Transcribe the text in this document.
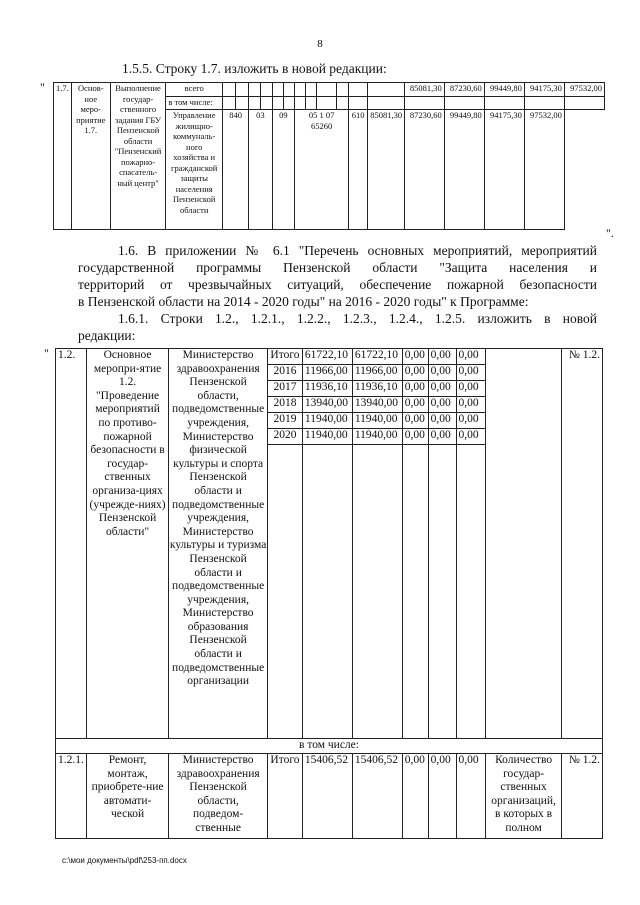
8
1.5.5. Строку 1.7. изложить в новой редакции:
" 1.7.	Основ-ное меро-приятие 1.7.	Выполнение государ-ственного задания ГБУ Пензенской области "Пензенский пожарно-спасатель-ный центр"	всего													85081,30	87230,60	99449,80	94175,30	97532,00
			в том числе:																	
			Управление жилищно-коммуналь-ного хозяйства и гражданской защиты населения Пензенской области	840		03		09		05 1 07 65260				610	85081,30	87230,60	99449,80	94175,30	97532,00	
".
1.6. В приложении № 6.1 "Перечень основных мероприятий, мероприятий
государственной программы Пензенской области "Защита населения и
территорий от чрезвычайных ситуаций, обеспечение пожарной безопасности
в Пензенской области на 2014 - 2020 годы" на 2016 - 2020 годы" к Программе:
1.6.1. Строки 1.2., 1.2.1., 1.2.2., 1.2.3., 1.2.4., 1.2.5. изложить в новой
редакции:
" 1.2.	Основное меропри-ятие 1.2. "Проведение мероприятий по противо-пожарной безопасности в государ-ственных организа-циях (учрежде-ниях) Пензенской области"	Министерство здравоохранения Пензенской области, подведомственные учреждения, Министерство физической культуры и спорта Пензенской области и подведомственные учреждения, Министерство культуры и туризма Пензенской области и подведомственные учреждения, Министерство образования Пензенской области и подведомственные организации	Итого	61722,10	61722,10	0,00	0,00	0,00		№ 1.2.
			2016	11966,00	11966,00	0,00	0,00	0,00		
			2017	11936,10	11936,10	0,00	0,00	0,00		
			2018	13940,00	13940,00	0,00	0,00	0,00		
			2019	11940,00	11940,00	0,00	0,00	0,00		
			2020	11940,00	11940,00	0,00	0,00	0,00		

в том числе:										
1.2.1.	Ремонт, монтаж, приобрете-ние автомати-ческой	Министерство здравоохранения Пензенской области, подведом-ственные	Итого	15406,52	15406,52	0,00	0,00	0,00	Количество государ-ственных организаций, в которых в полном	№ 1.2.
c:\мои документы\pdf\253-пп.docx
